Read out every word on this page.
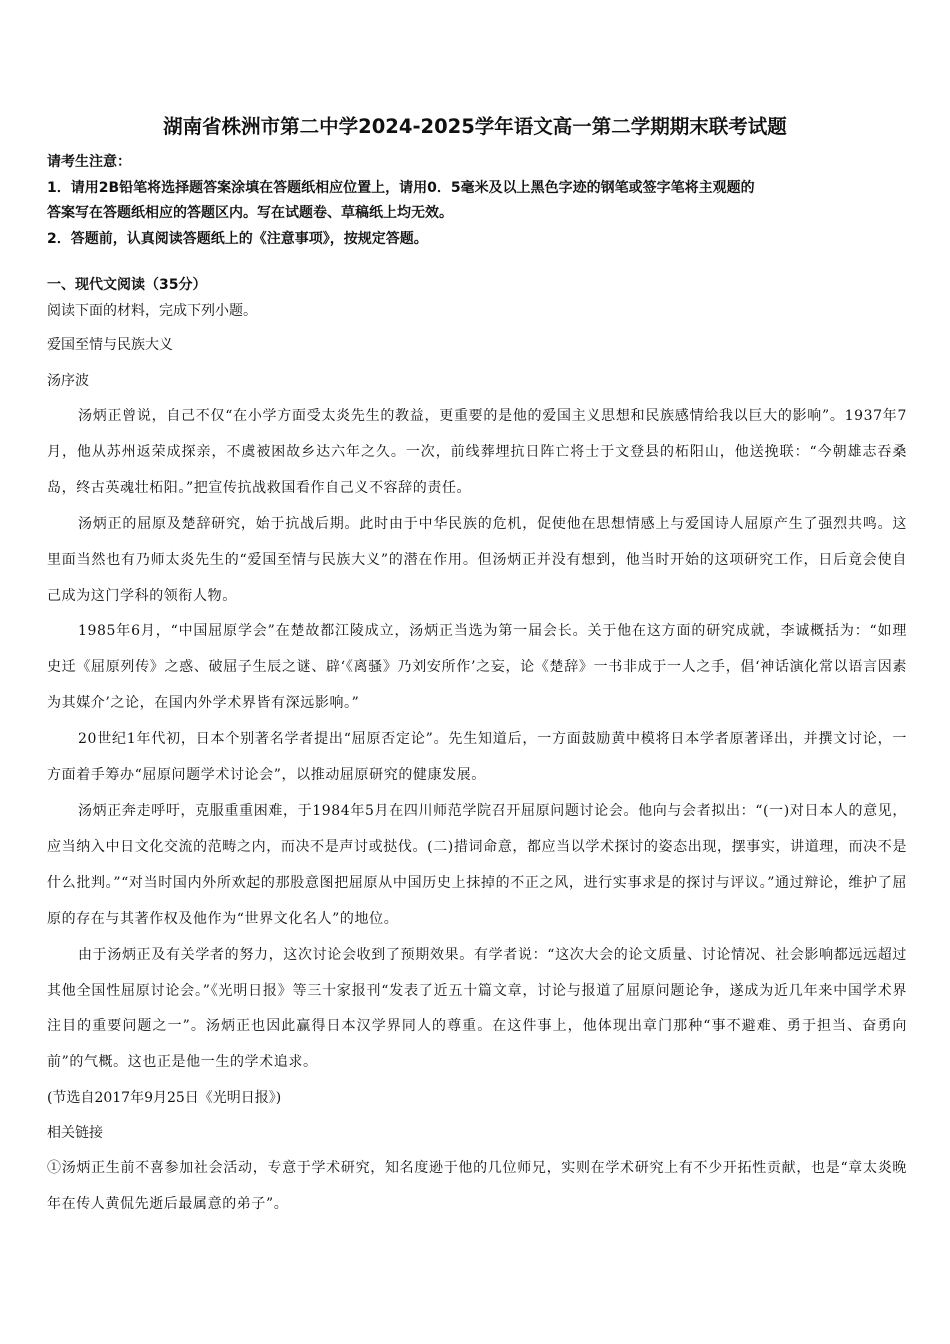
湖南省株洲市第二中学2024-2025学年语文高一第二学期期末联考试题
请考生注意：
1．请用2B铅笔将选择题答案涂填在答题纸相应位置上，请用0．5毫米及以上黑色字迹的钢笔或签字笔将主观题的
答案写在答题纸相应的答题区内。写在试题卷、草稿纸上均无效。
2．答题前，认真阅读答题纸上的《注意事项》，按规定答题。
一、现代文阅读（35分）
阅读下面的材料，完成下列小题。
爱国至情与民族大义
汤序波
汤炳正曾说，自己不仅“在小学方面受太炎先生的教益，更重要的是他的爱国主义思想和民族感情给我以巨大的影响”。1937年7月，他从苏州返荣成探亲，不虞被困故乡达六年之久。一次，前线葬埋抗日阵亡将士于文登县的柘阳山，他送挽联：“今朝雄志吞桑岛，终古英魂壮柘阳。”把宣传抗战救国看作自己义不容辞的责任。
汤炳正的屈原及楚辞研究，始于抗战后期。此时由于中华民族的危机，促使他在思想情感上与爱国诗人屈原产生了强烈共鸣。这里面当然也有乃师太炎先生的“爱国至情与民族大义”的潜在作用。但汤炳正并没有想到，他当时开始的这项研究工作，日后竟会使自己成为这门学科的领衔人物。
1985年6月，“中国屈原学会”在楚故都江陵成立，汤炳正当选为第一届会长。关于他在这方面的研究成就，李诚概括为：“如理史迁《屈原列传》之惑、破屈子生辰之谜、辟‘《离骚》乃刘安所作’之妄，论《楚辞》一书非成于一人之手，倡‘神话演化常以语言因素为其媒介’之论，在国内外学术界皆有深远影响。”
20世纪1年代初，日本个别著名学者提出“屈原否定论”。先生知道后，一方面鼓励黄中模将日本学者原著译出，并撰文讨论，一方面着手筹办“屈原问题学术讨论会”，以推动屈原研究的健康发展。
汤炳正奔走呼吁，克服重重困难，于1984年5月在四川师范学院召开屈原问题讨论会。他向与会者拟出：“(一)对日本人的意见，应当纳入中日文化交流的范畴之内，而决不是声讨或挞伐。(二)措词命意，都应当以学术探讨的姿态出现，摆事实，讲道理，而决不是什么批判。”“对当时国内外所欢起的那股意图把屈原从中国历史上抹掉的不正之风，进行实事求是的探讨与评议。”通过辩论，维护了屈原的存在与其著作权及他作为“世界文化名人”的地位。
由于汤炳正及有关学者的努力，这次讨论会收到了预期效果。有学者说：“这次大会的论文质量、讨论情况、社会影响都远远超过其他全国性屈原讨论会。”《光明日报》等三十家报刊“发表了近五十篇文章，讨论与报道了屈原问题论争，遂成为近几年来中国学术界注目的重要问题之一”。汤炳正也因此赢得日本汉学界同人的尊重。在这件事上，他体现出章门那种“事不避难、勇于担当、奋勇向前”的气概。这也正是他一生的学术追求。
(节选自2017年9月25日《光明日报》)
相关链接
①汤炳正生前不喜参加社会活动，专意于学术研究，知名度逊于他的几位师兄，实则在学术研究上有不少开拓性贡献，也是“章太炎晚年在传人黄侃先逝后最属意的弟子”。
